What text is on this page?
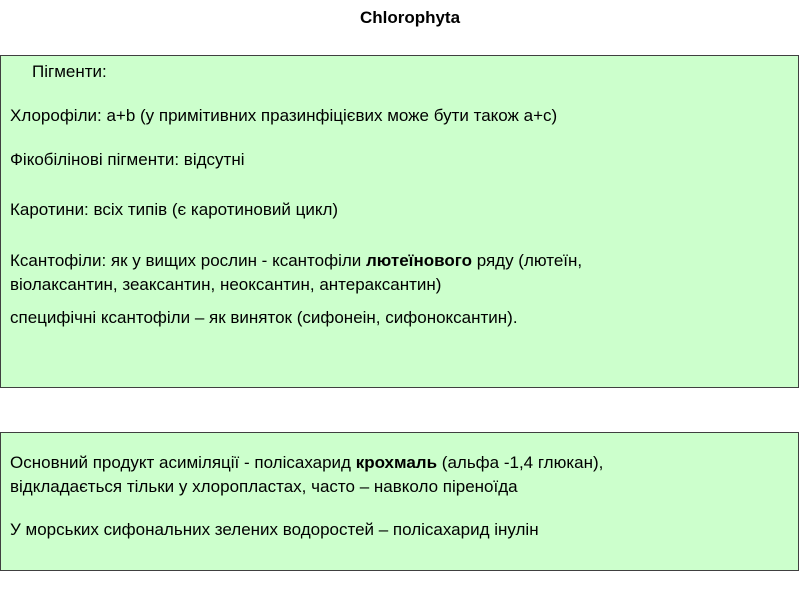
Chlorophyta
Пігменти:
Хлорофіли: a+b (у примітивних празинфіцієвих може бути також а+с)
Фікобілінові пігменти: відсутні
Каротини: всіх типів (є каротиновий цикл)
Ксантофіли: як у вищих рослин - ксантофіли лютеїнового ряду (лютеїн,
віолаксантин, зеаксантин, неоксантин, антераксантин)
специфічні ксантофіли – як виняток (сифонеін, сифоноксантин).
Основний продукт асиміляції - полісахарид крохмаль (альфа -1,4 глюкан),
відкладається тільки у хлоропластах, часто – навколо піреноїда
У морських сифональних зелених водоростей – полісахарид інулін
